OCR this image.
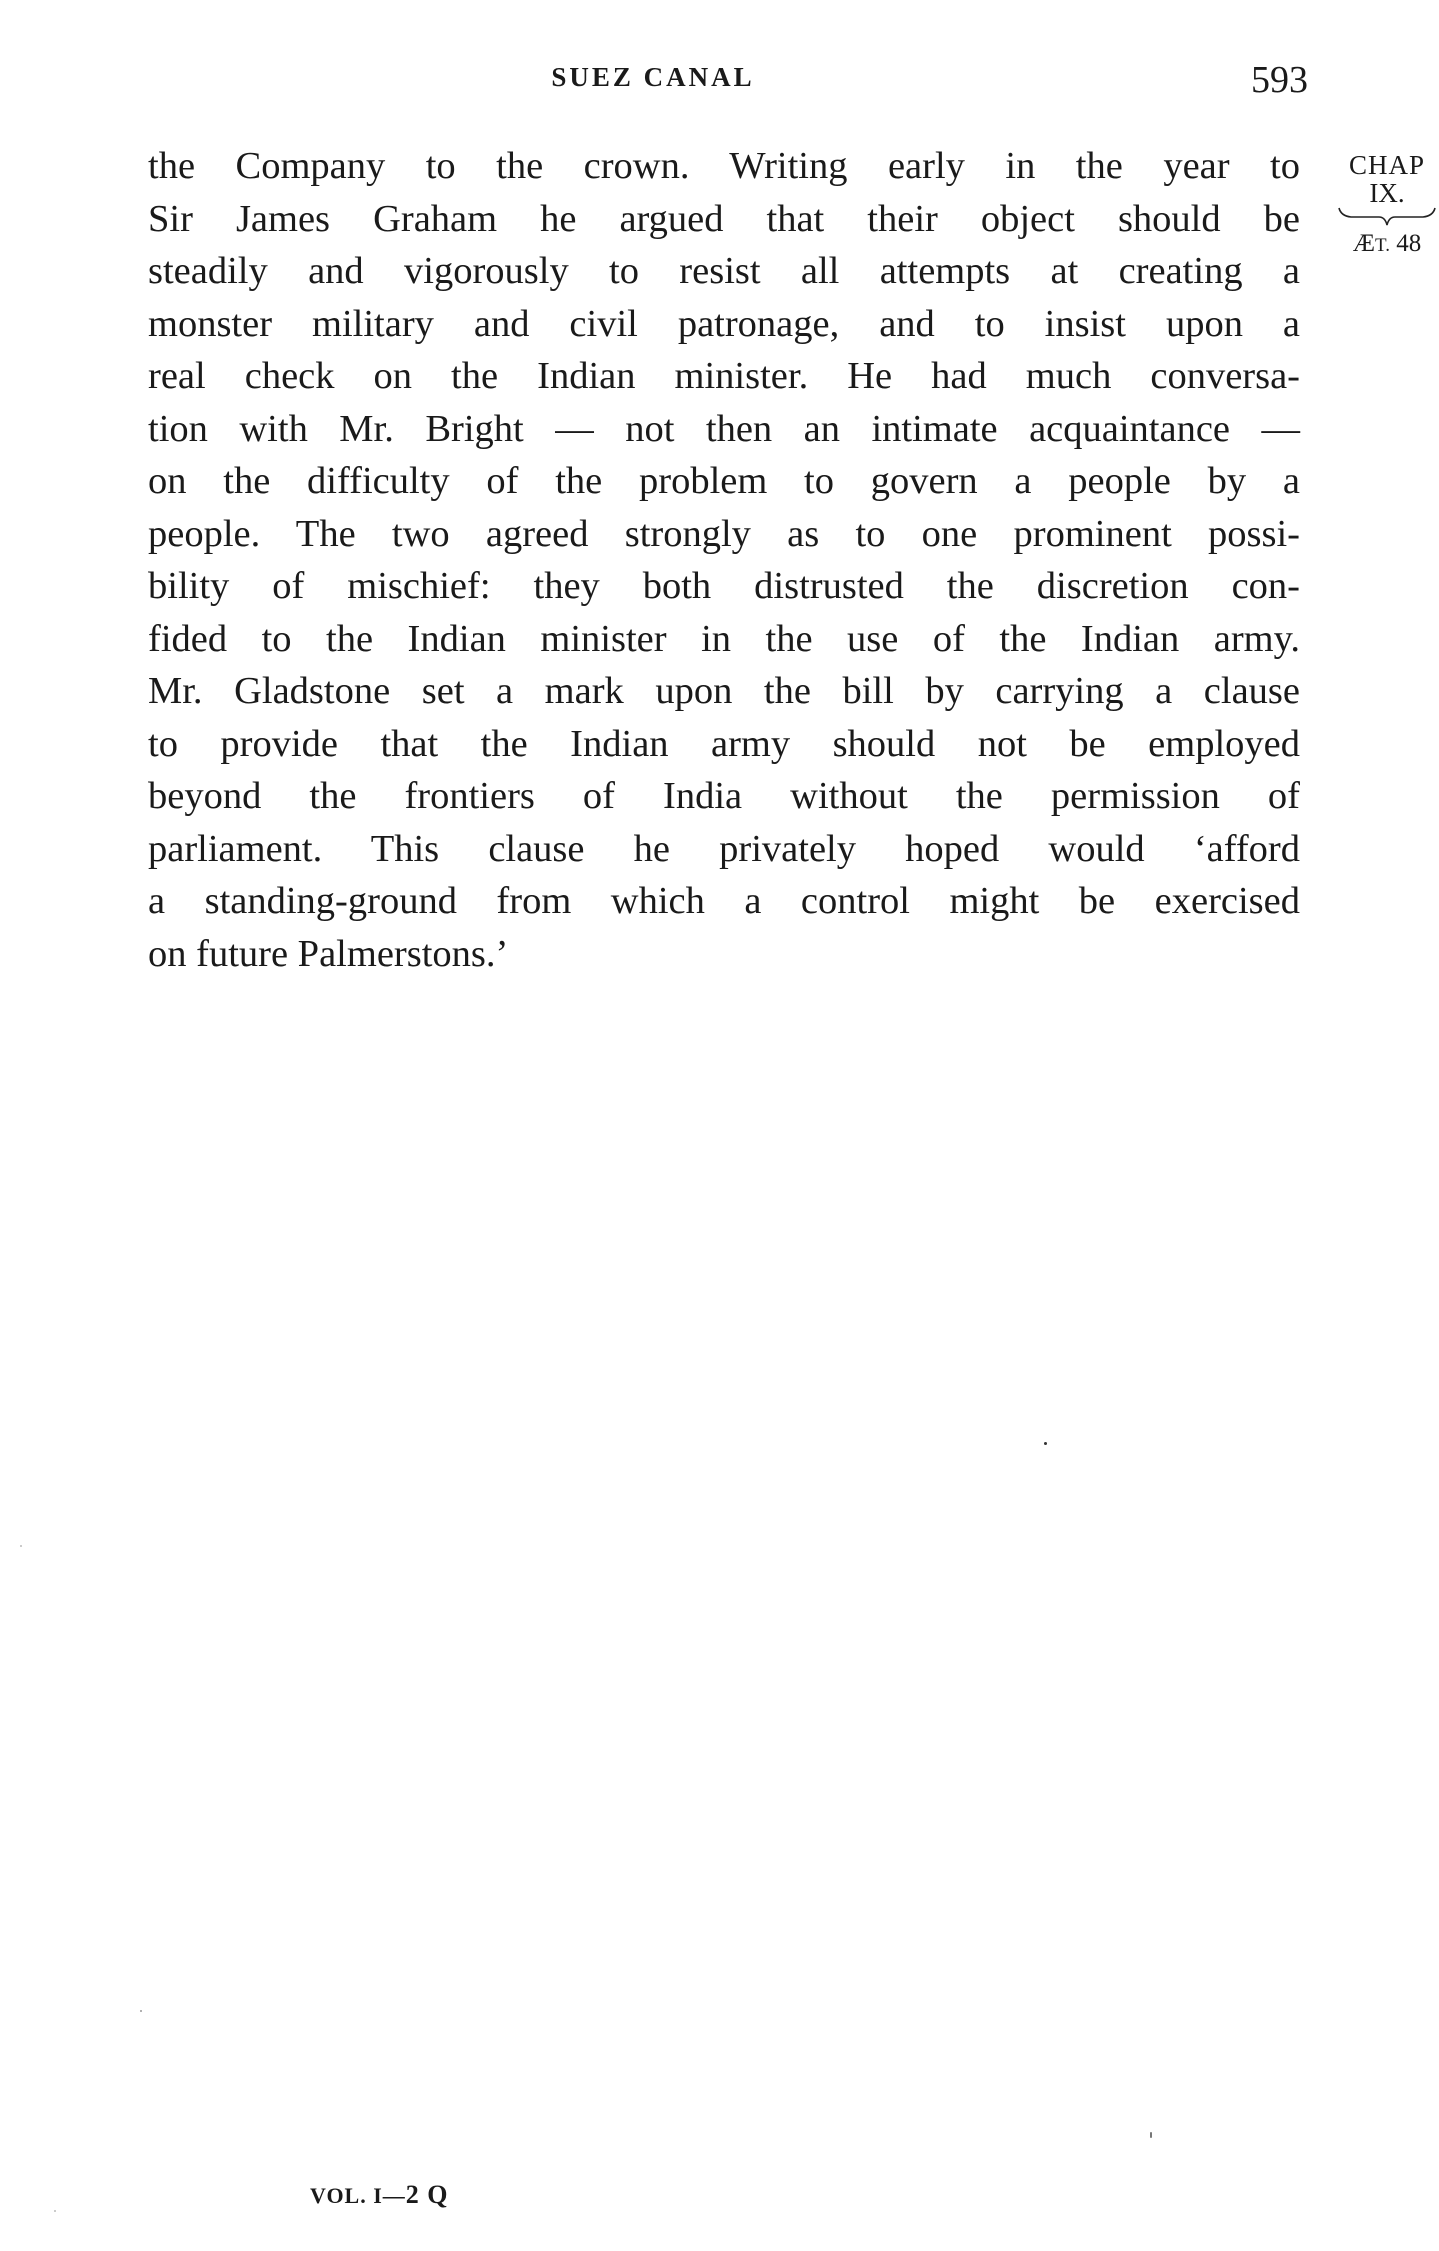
SUEZ CANAL	593
the Company to the crown. Writing early in the year to
Sir James Graham he argued that their object should be
steadily and vigorously to resist all attempts at creating a
monster military and civil patronage, and to insist upon a
real check on the Indian minister. He had much conversa-
tion with Mr. Bright — not then an intimate acquaintance —
on the difficulty of the problem to govern a people by a
people. The two agreed strongly as to one prominent possi-
bility of mischief: they both distrusted the discretion con-
fided to the Indian minister in the use of the Indian army.
Mr. Gladstone set a mark upon the bill by carrying a clause
to provide that the Indian army should not be employed
beyond the frontiers of India without the permission of
parliament. This clause he privately hoped would ‘afford
a standing-ground from which a control might be exercised
on future Palmerstons.’
CHAP
IX.
ÆT. 48
VOL. I—2 Q
